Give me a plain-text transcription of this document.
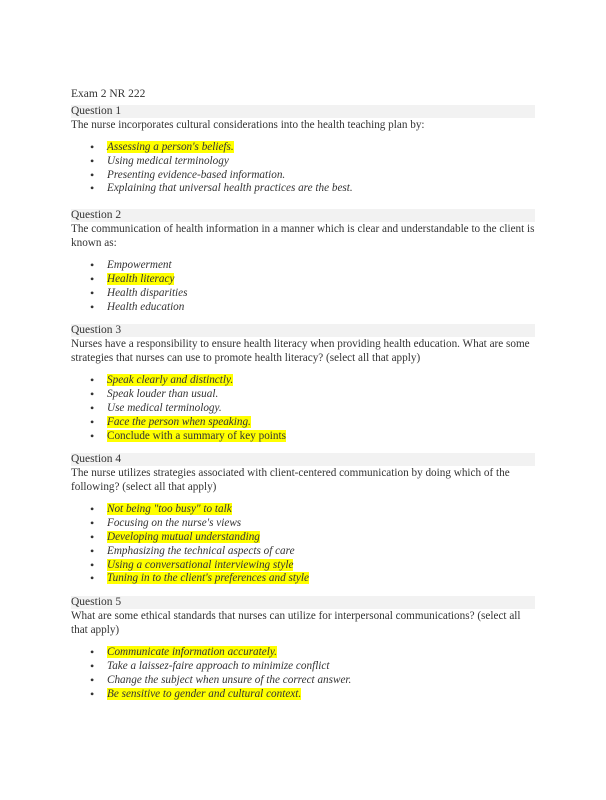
Exam 2 NR 222
Question 1
The nurse incorporates cultural considerations into the health teaching plan by:
• Assessing a person's beliefs.
• Using medical terminology
• Presenting evidence-based information.
• Explaining that universal health practices are the best.
Question 2
The communication of health information in a manner which is clear and understandable to the client is known as:
• Empowerment
• Health literacy
• Health disparities
• Health education
Question 3
Nurses have a responsibility to ensure health literacy when providing health education. What are some strategies that nurses can use to promote health literacy? (select all that apply)
• Speak clearly and distinctly.
• Speak louder than usual.
• Use medical terminology.
• Face the person when speaking.
• Conclude with a summary of key points
Question 4
The nurse utilizes strategies associated with client-centered communication by doing which of the following? (select all that apply)
• Not being "too busy" to talk
• Focusing on the nurse's views
• Developing mutual understanding
• Emphasizing the technical aspects of care
• Using a conversational interviewing style
• Tuning in to the client's preferences and style
Question 5
What are some ethical standards that nurses can utilize for interpersonal communications? (select all that apply)
• Communicate information accurately.
• Take a laissez-faire approach to minimize conflict
• Change the subject when unsure of the correct answer.
• Be sensitive to gender and cultural context.
